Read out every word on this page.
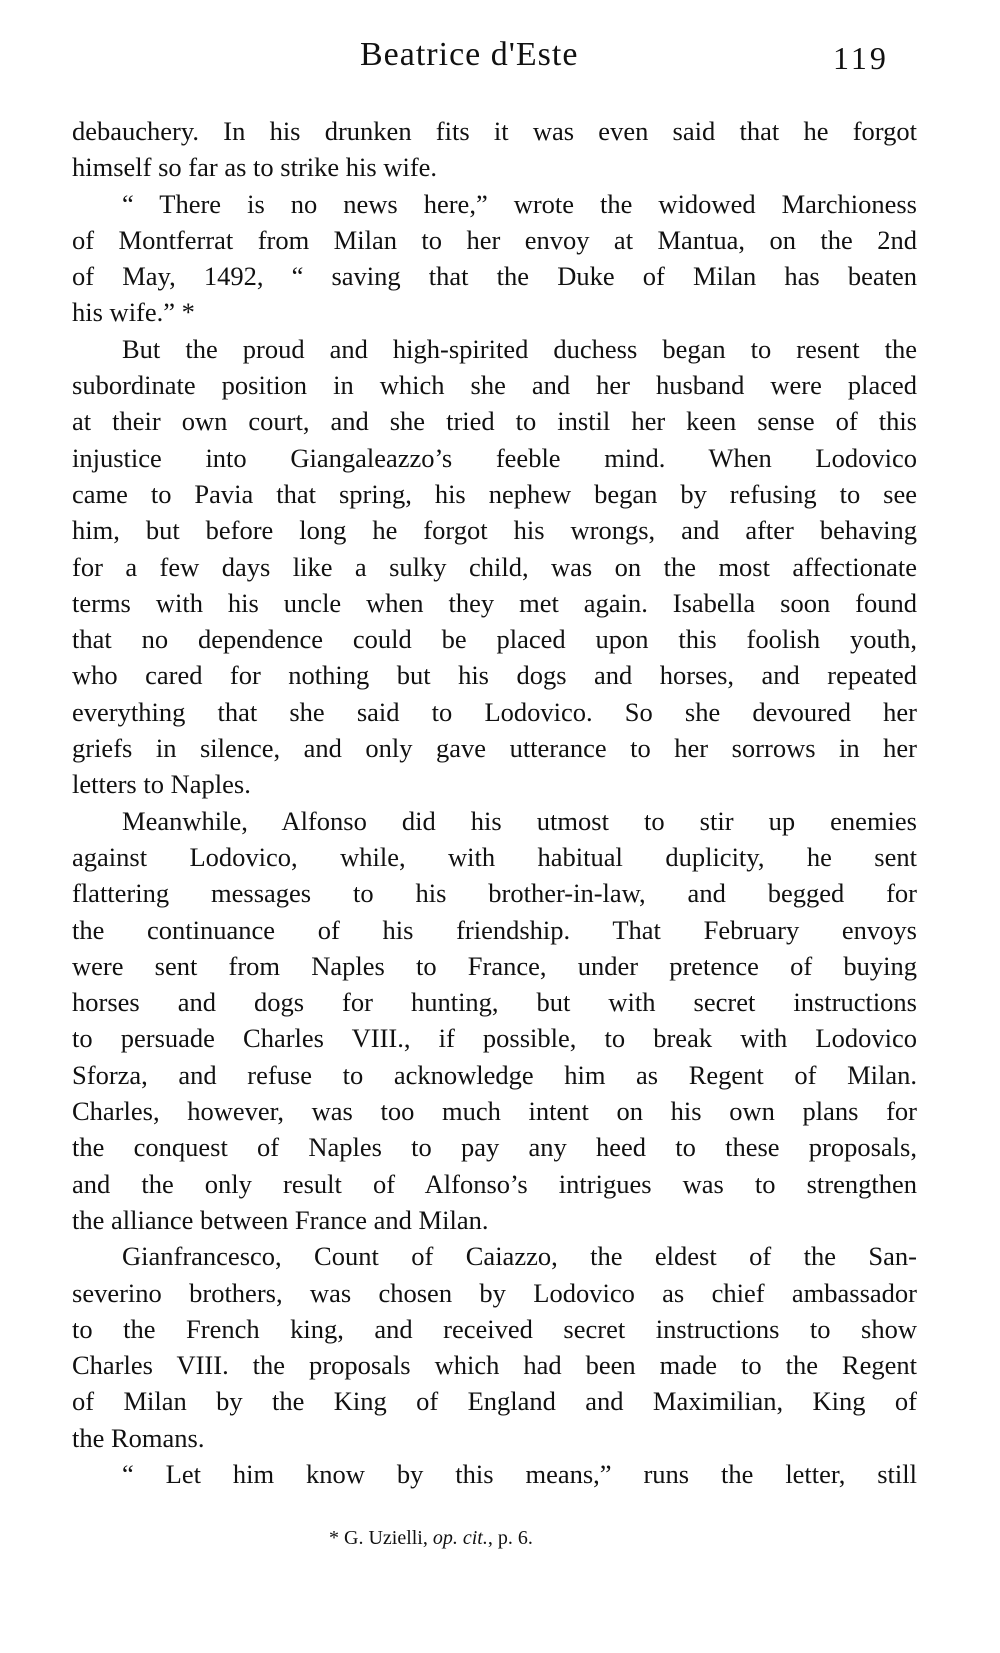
Beatrice d'Este	119
debauchery. In his drunken fits it was even said that he forgot
himself so far as to strike his wife.
“ There is no news here,” wrote the widowed Marchioness
of Montferrat from Milan to her envoy at Mantua, on the 2nd
of May, 1492, “ saving that the Duke of Milan has beaten
his wife.” *
But the proud and high-spirited duchess began to resent the
subordinate position in which she and her husband were placed
at their own court, and she tried to instil her keen sense of this
injustice into Giangaleazzo’s feeble mind. When Lodovico
came to Pavia that spring, his nephew began by refusing to see
him, but before long he forgot his wrongs, and after behaving
for a few days like a sulky child, was on the most affectionate
terms with his uncle when they met again. Isabella soon found
that no dependence could be placed upon this foolish youth,
who cared for nothing but his dogs and horses, and repeated
everything that she said to Lodovico. So she devoured her
griefs in silence, and only gave utterance to her sorrows in her
letters to Naples.
Meanwhile, Alfonso did his utmost to stir up enemies
against Lodovico, while, with habitual duplicity, he sent
flattering messages to his brother-in-law, and begged for
the continuance of his friendship. That February envoys
were sent from Naples to France, under pretence of buying
horses and dogs for hunting, but with secret instructions
to persuade Charles VIII., if possible, to break with Lodovico
Sforza, and refuse to acknowledge him as Regent of Milan.
Charles, however, was too much intent on his own plans for
the conquest of Naples to pay any heed to these proposals,
and the only result of Alfonso’s intrigues was to strengthen
the alliance between France and Milan.
Gianfrancesco, Count of Caiazzo, the eldest of the San-
severino brothers, was chosen by Lodovico as chief ambassador
to the French king, and received secret instructions to show
Charles VIII. the proposals which had been made to the Regent
of Milan by the King of England and Maximilian, King of
the Romans.
“ Let him know by this means,” runs the letter, still
* G. Uzielli, op. cit., p. 6.
